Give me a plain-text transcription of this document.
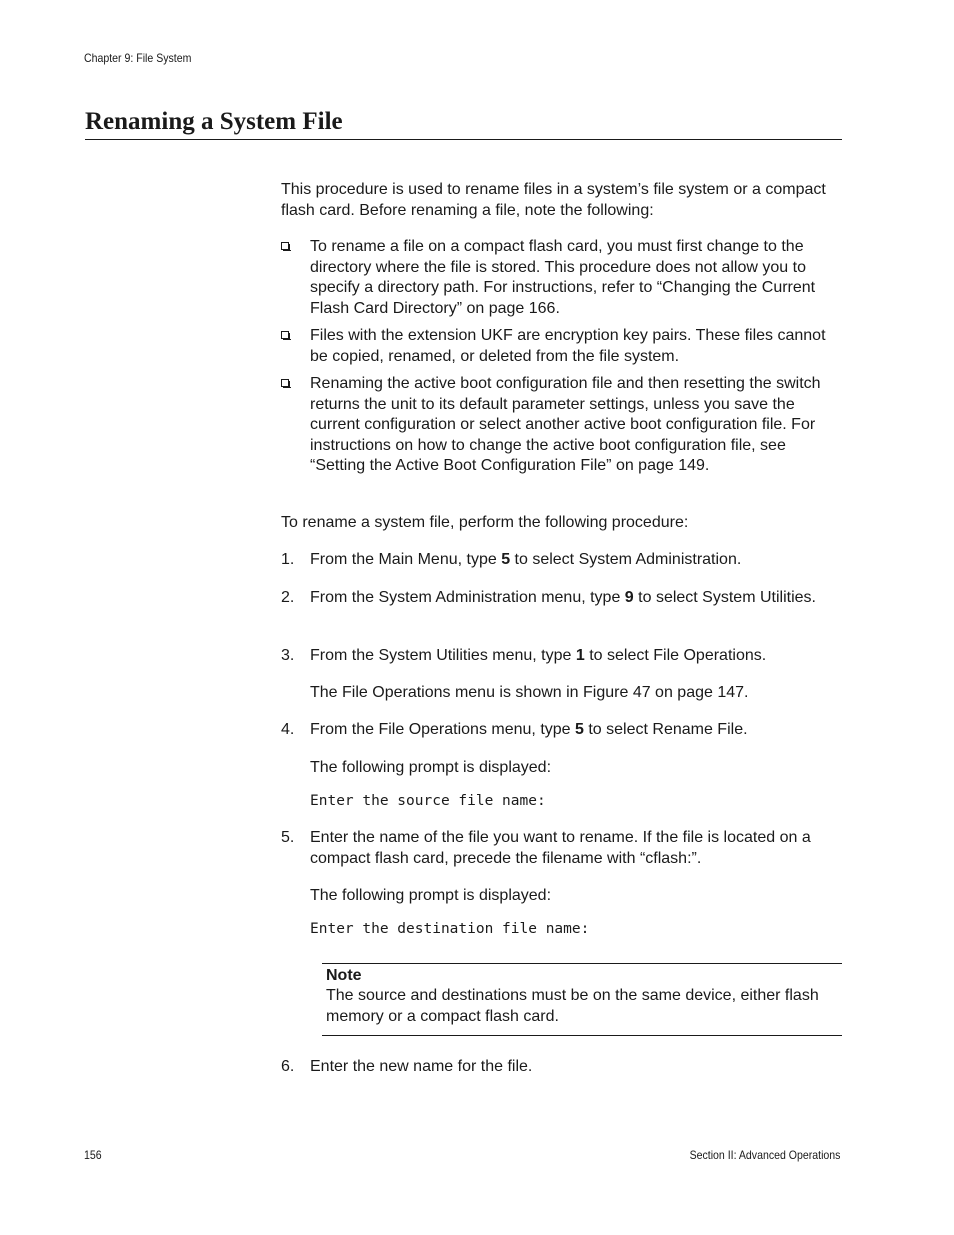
Chapter 9: File System
Renaming a System File
This procedure is used to rename files in a system’s file system or a compact flash card. Before renaming a file, note the following:
To rename a file on a compact flash card, you must first change to the directory where the file is stored. This procedure does not allow you to specify a directory path. For instructions, refer to “Changing the Current Flash Card Directory” on page 166.
Files with the extension UKF are encryption key pairs. These files cannot be copied, renamed, or deleted from the file system.
Renaming the active boot configuration file and then resetting the switch returns the unit to its default parameter settings, unless you save the current configuration or select another active boot configuration file. For instructions on how to change the active boot configuration file, see “Setting the Active Boot Configuration File” on page 149.
To rename a system file, perform the following procedure:
1. From the Main Menu, type 5 to select System Administration.
2. From the System Administration menu, type 9 to select System Utilities.
3. From the System Utilities menu, type 1 to select File Operations.
The File Operations menu is shown in Figure 47 on page 147.
4. From the File Operations menu, type 5 to select Rename File.
The following prompt is displayed:
Enter the source file name:
5. Enter the name of the file you want to rename. If the file is located on a compact flash card, precede the filename with “cflash:”.
The following prompt is displayed:
Enter the destination file name:
Note
The source and destinations must be on the same device, either flash memory or a compact flash card.
6. Enter the new name for the file.
156	Section II: Advanced Operations
